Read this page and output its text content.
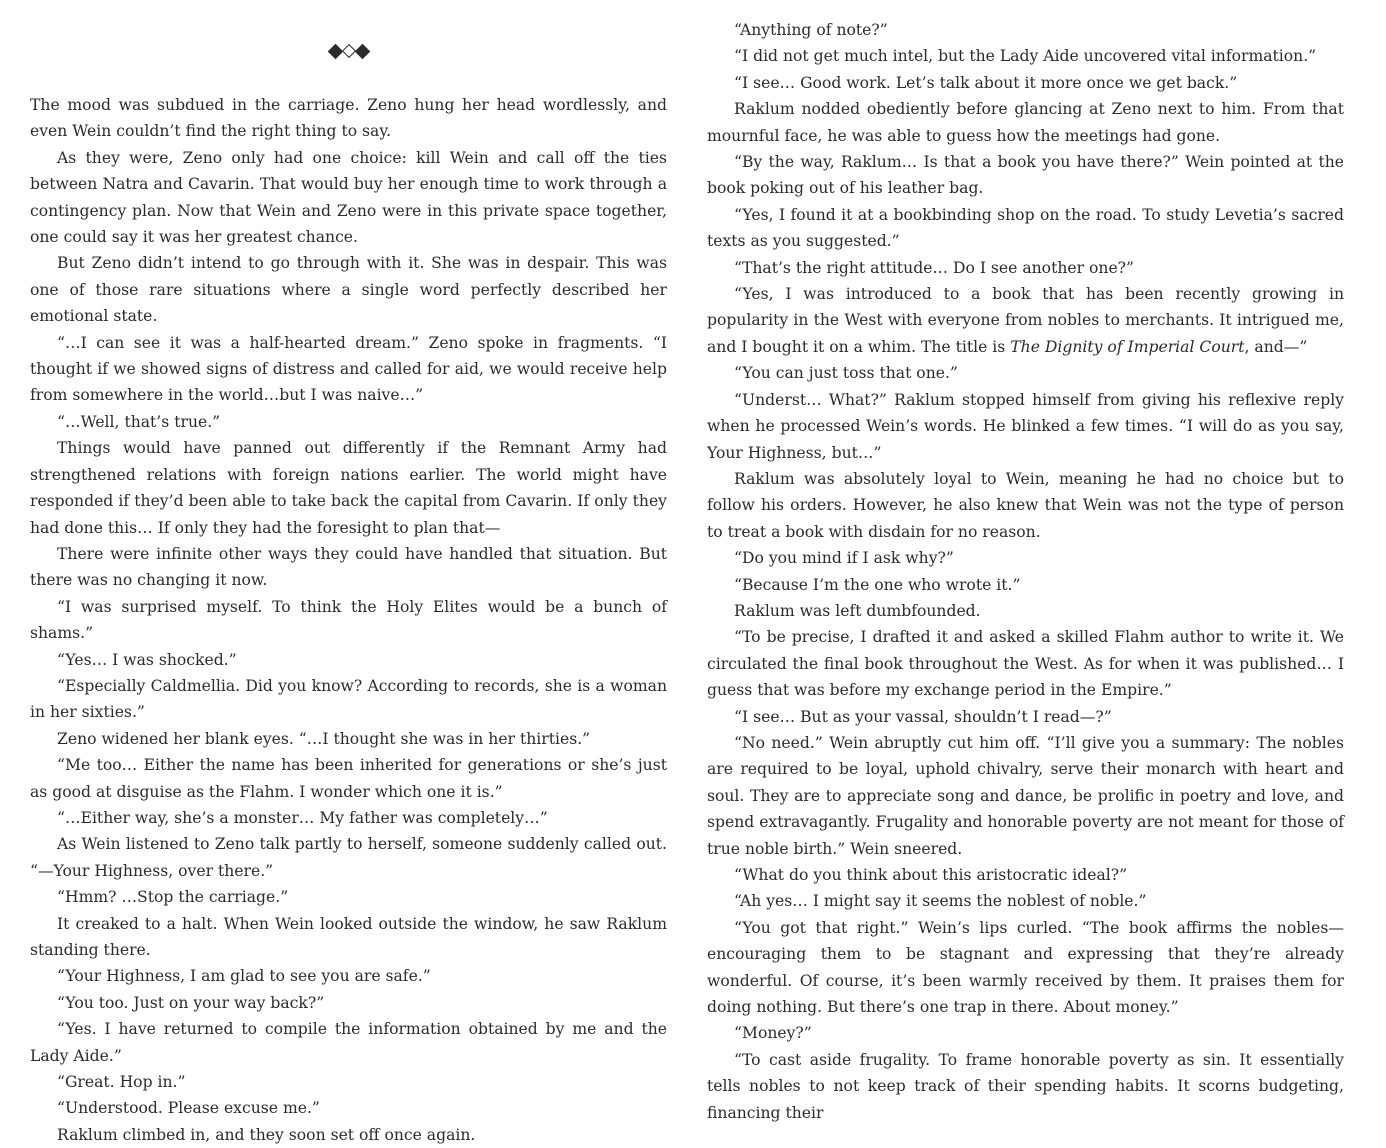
The mood was subdued in the carriage. Zeno hung her head wordlessly, and even Wein couldn’t find the right thing to say.

As they were, Zeno only had one choice: kill Wein and call off the ties between Natra and Cavarin. That would buy her enough time to work through a contingency plan. Now that Wein and Zeno were in this private space together, one could say it was her greatest chance.

But Zeno didn’t intend to go through with it. She was in despair. This was one of those rare situations where a single word perfectly described her emotional state.

“…I can see it was a half-hearted dream.” Zeno spoke in fragments. “I thought if we showed signs of distress and called for aid, we would receive help from somewhere in the world…but I was naive…”

“…Well, that’s true.”

Things would have panned out differently if the Remnant Army had strengthened relations with foreign nations earlier. The world might have responded if they’d been able to take back the capital from Cavarin. If only they had done this… If only they had the foresight to plan that—

There were infinite other ways they could have handled that situation. But there was no changing it now.

“I was surprised myself. To think the Holy Elites would be a bunch of shams.”

“Yes… I was shocked.”

“Especially Caldmellia. Did you know? According to records, she is a woman in her sixties.”

Zeno widened her blank eyes. “…I thought she was in her thirties.”

“Me too… Either the name has been inherited for generations or she’s just as good at disguise as the Flahm. I wonder which one it is.”

“…Either way, she’s a monster… My father was completely…”

As Wein listened to Zeno talk partly to herself, someone suddenly called out. “—Your Highness, over there.”

“Hmm? …Stop the carriage.”

It creaked to a halt. When Wein looked outside the window, he saw Raklum standing there.

“Your Highness, I am glad to see you are safe.”

“You too. Just on your way back?”

“Yes. I have returned to compile the information obtained by me and the Lady Aide.”

“Great. Hop in.”

“Understood. Please excuse me.”

Raklum climbed in, and they soon set off once again.

“Anything of note?”

“I did not get much intel, but the Lady Aide uncovered vital information.”

“I see… Good work. Let’s talk about it more once we get back.”

Raklum nodded obediently before glancing at Zeno next to him. From that mournful face, he was able to guess how the meetings had gone.

“By the way, Raklum… Is that a book you have there?” Wein pointed at the book poking out of his leather bag.

“Yes, I found it at a bookbinding shop on the road. To study Levetia’s sacred texts as you suggested.”

“That’s the right attitude… Do I see another one?”

“Yes, I was introduced to a book that has been recently growing in popularity in the West with everyone from nobles to merchants. It intrigued me, and I bought it on a whim. The title is The Dignity of Imperial Court, and—”

“You can just toss that one.”

“Underst… What?” Raklum stopped himself from giving his reflexive reply when he processed Wein’s words. He blinked a few times. “I will do as you say, Your Highness, but…”

Raklum was absolutely loyal to Wein, meaning he had no choice but to follow his orders. However, he also knew that Wein was not the type of person to treat a book with disdain for no reason.

“Do you mind if I ask why?”

“Because I’m the one who wrote it.”

Raklum was left dumbfounded.

“To be precise, I drafted it and asked a skilled Flahm author to write it. We circulated the final book throughout the West. As for when it was published… I guess that was before my exchange period in the Empire.”

“I see… But as your vassal, shouldn’t I read—?”

“No need.” Wein abruptly cut him off. “I’ll give you a summary: The nobles are required to be loyal, uphold chivalry, serve their monarch with heart and soul. They are to appreciate song and dance, be prolific in poetry and love, and spend extravagantly. Frugality and honorable poverty are not meant for those of true noble birth.” Wein sneered.

“What do you think about this aristocratic ideal?”

“Ah yes… I might say it seems the noblest of noble.”

“You got that right.” Wein’s lips curled. “The book affirms the nobles—encouraging them to be stagnant and expressing that they’re already wonderful. Of course, it’s been warmly received by them. It praises them for doing nothing. But there’s one trap in there. About money.”

“Money?”

“To cast aside frugality. To frame honorable poverty as sin. It essentially tells nobles to not keep track of their spending habits. It scorns budgeting, financing their
